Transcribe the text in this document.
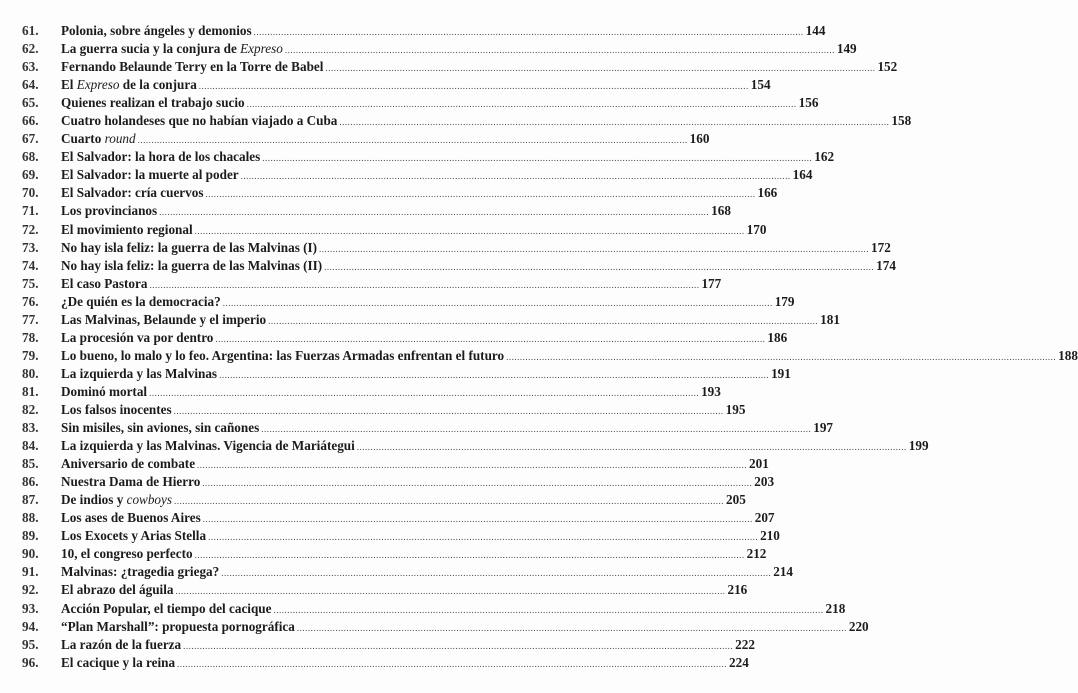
61. Polonia, sobre ángeles y demonios ........................................................................................................................................................................................................ 144
62. La guerra sucia y la conjura de Expreso ........................................................................................................................................................................................................ 149
63. Fernando Belaunde Terry en la Torre de Babel ........................................................................................................................................................................................................ 152
64. El Expreso de la conjura ........................................................................................................................................................................................................ 154
65. Quienes realizan el trabajo sucio ........................................................................................................................................................................................................ 156
66. Cuatro holandeses que no habían viajado a Cuba ........................................................................................................................................................................................................ 158
67. Cuarto round ........................................................................................................................................................................................................ 160
68. El Salvador: la hora de los chacales ........................................................................................................................................................................................................ 162
69. El Salvador: la muerte al poder ........................................................................................................................................................................................................ 164
70. El Salvador: cría cuervos ........................................................................................................................................................................................................ 166
71. Los provincianos ........................................................................................................................................................................................................ 168
72. El movimiento regional ........................................................................................................................................................................................................ 170
73. No hay isla feliz: la guerra de las Malvinas (I) ........................................................................................................................................................................................................ 172
74. No hay isla feliz: la guerra de las Malvinas (II) ........................................................................................................................................................................................................ 174
75. El caso Pastora ........................................................................................................................................................................................................ 177
76. ¿De quién es la democracia? ........................................................................................................................................................................................................ 179
77. Las Malvinas, Belaunde y el imperio ........................................................................................................................................................................................................ 181
78. La procesión va por dentro ........................................................................................................................................................................................................ 186
79. Lo bueno, lo malo y lo feo. Argentina: las Fuerzas Armadas enfrentan el futuro ........................................................................................................................................................................................................ 188
80. La izquierda y las Malvinas ........................................................................................................................................................................................................ 191
81. Dominó mortal ........................................................................................................................................................................................................ 193
82. Los falsos inocentes ........................................................................................................................................................................................................ 195
83. Sin misiles, sin aviones, sin cañones ........................................................................................................................................................................................................ 197
84. La izquierda y las Malvinas. Vigencia de Mariátegui ........................................................................................................................................................................................................ 199
85. Aniversario de combate ........................................................................................................................................................................................................ 201
86. Nuestra Dama de Hierro ........................................................................................................................................................................................................ 203
87. De indios y cowboys ........................................................................................................................................................................................................ 205
88. Los ases de Buenos Aires ........................................................................................................................................................................................................ 207
89. Los Exocets y Arias Stella ........................................................................................................................................................................................................ 210
90. 10, el congreso perfecto ........................................................................................................................................................................................................ 212
91. Malvinas: ¿tragedia griega? ........................................................................................................................................................................................................ 214
92. El abrazo del águila ........................................................................................................................................................................................................ 216
93. Acción Popular, el tiempo del cacique ........................................................................................................................................................................................................ 218
94. “Plan Marshall”: propuesta pornográfica ........................................................................................................................................................................................................ 220
95. La razón de la fuerza ........................................................................................................................................................................................................ 222
96. El cacique y la reina ........................................................................................................................................................................................................ 224
